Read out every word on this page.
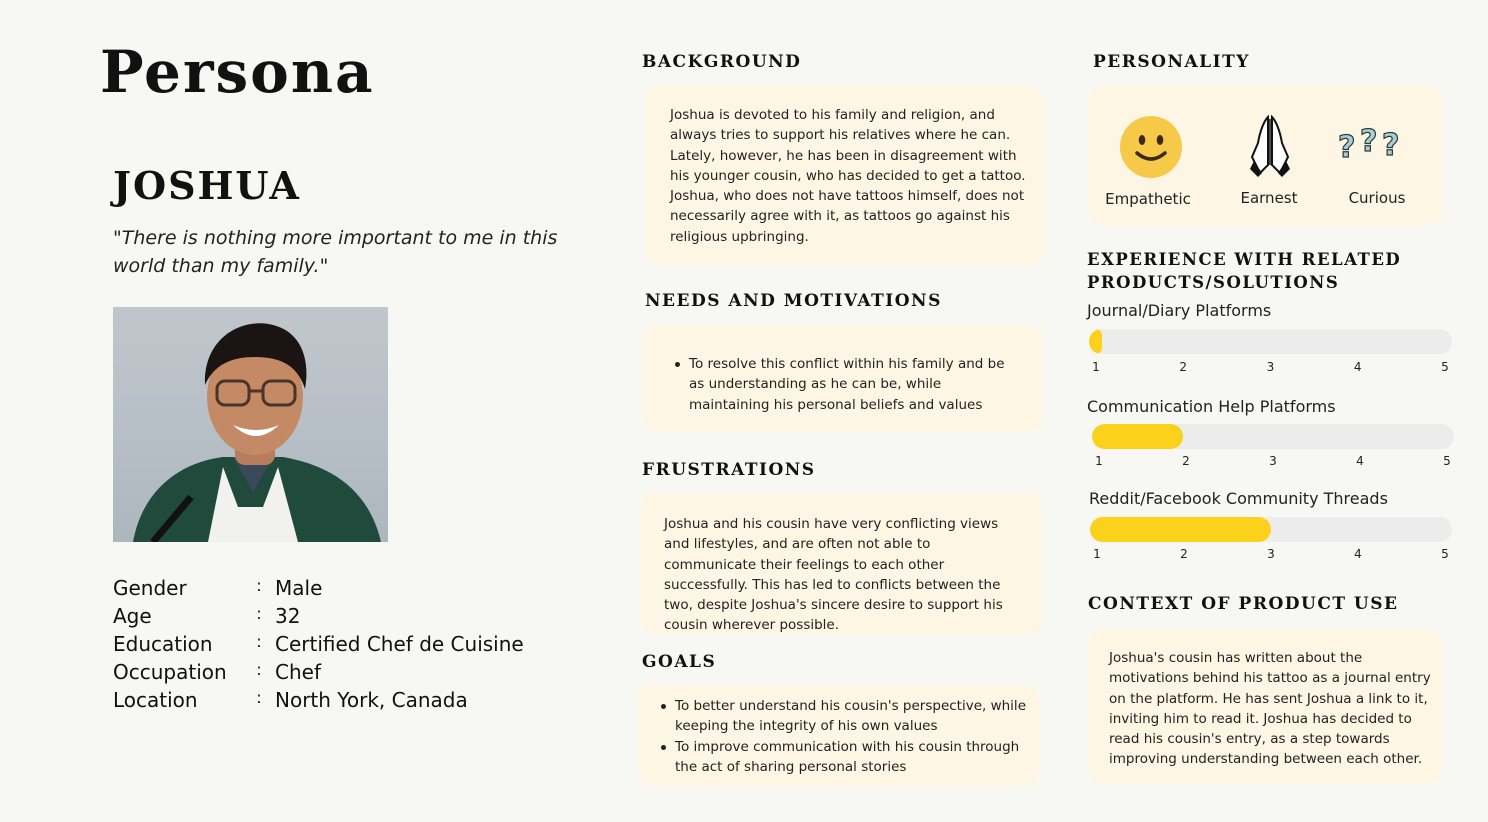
Persona
JOSHUA
"There is nothing more important to me in this world than my family."
Gender	: Male
Age	: 32
Education	: Certified Chef de Cuisine
Occupation	: Chef
Location	: North York, Canada
BACKGROUND
Joshua is devoted to his family and religion, and always tries to support his relatives where he can. Lately, however, he has been in disagreement with his younger cousin, who has decided to get a tattoo. Joshua, who does not have tattoos himself, does not necessarily agree with it, as tattoos go against his religious upbringing.
NEEDS AND MOTIVATIONS
To resolve this conflict within his family and be as understanding as he can be, while maintaining his personal beliefs and values
FRUSTRATIONS
Joshua and his cousin have very conflicting views and lifestyles, and are often not able to communicate their feelings to each other successfully. This has led to conflicts between the two, despite Joshua's sincere desire to support his cousin wherever possible.
GOALS
To better understand his cousin's perspective, while keeping the integrity of his own values
To improve communication with his cousin through the act of sharing personal stories
PERSONALITY
? ? ?
Empathetic	Earnest	Curious
EXPERIENCE WITH RELATED
PRODUCTS/SOLUTIONS
Journal/Diary Platforms
1	2	3	4	5
Communication Help Platforms
1	2	3	4	5
Reddit/Facebook Community Threads
1	2	3	4	5
CONTEXT OF PRODUCT USE
Joshua's cousin has written about the motivations behind his tattoo as a journal entry on the platform. He has sent Joshua a link to it, inviting him to read it. Joshua has decided to read his cousin's entry, as a step towards improving understanding between each other.
